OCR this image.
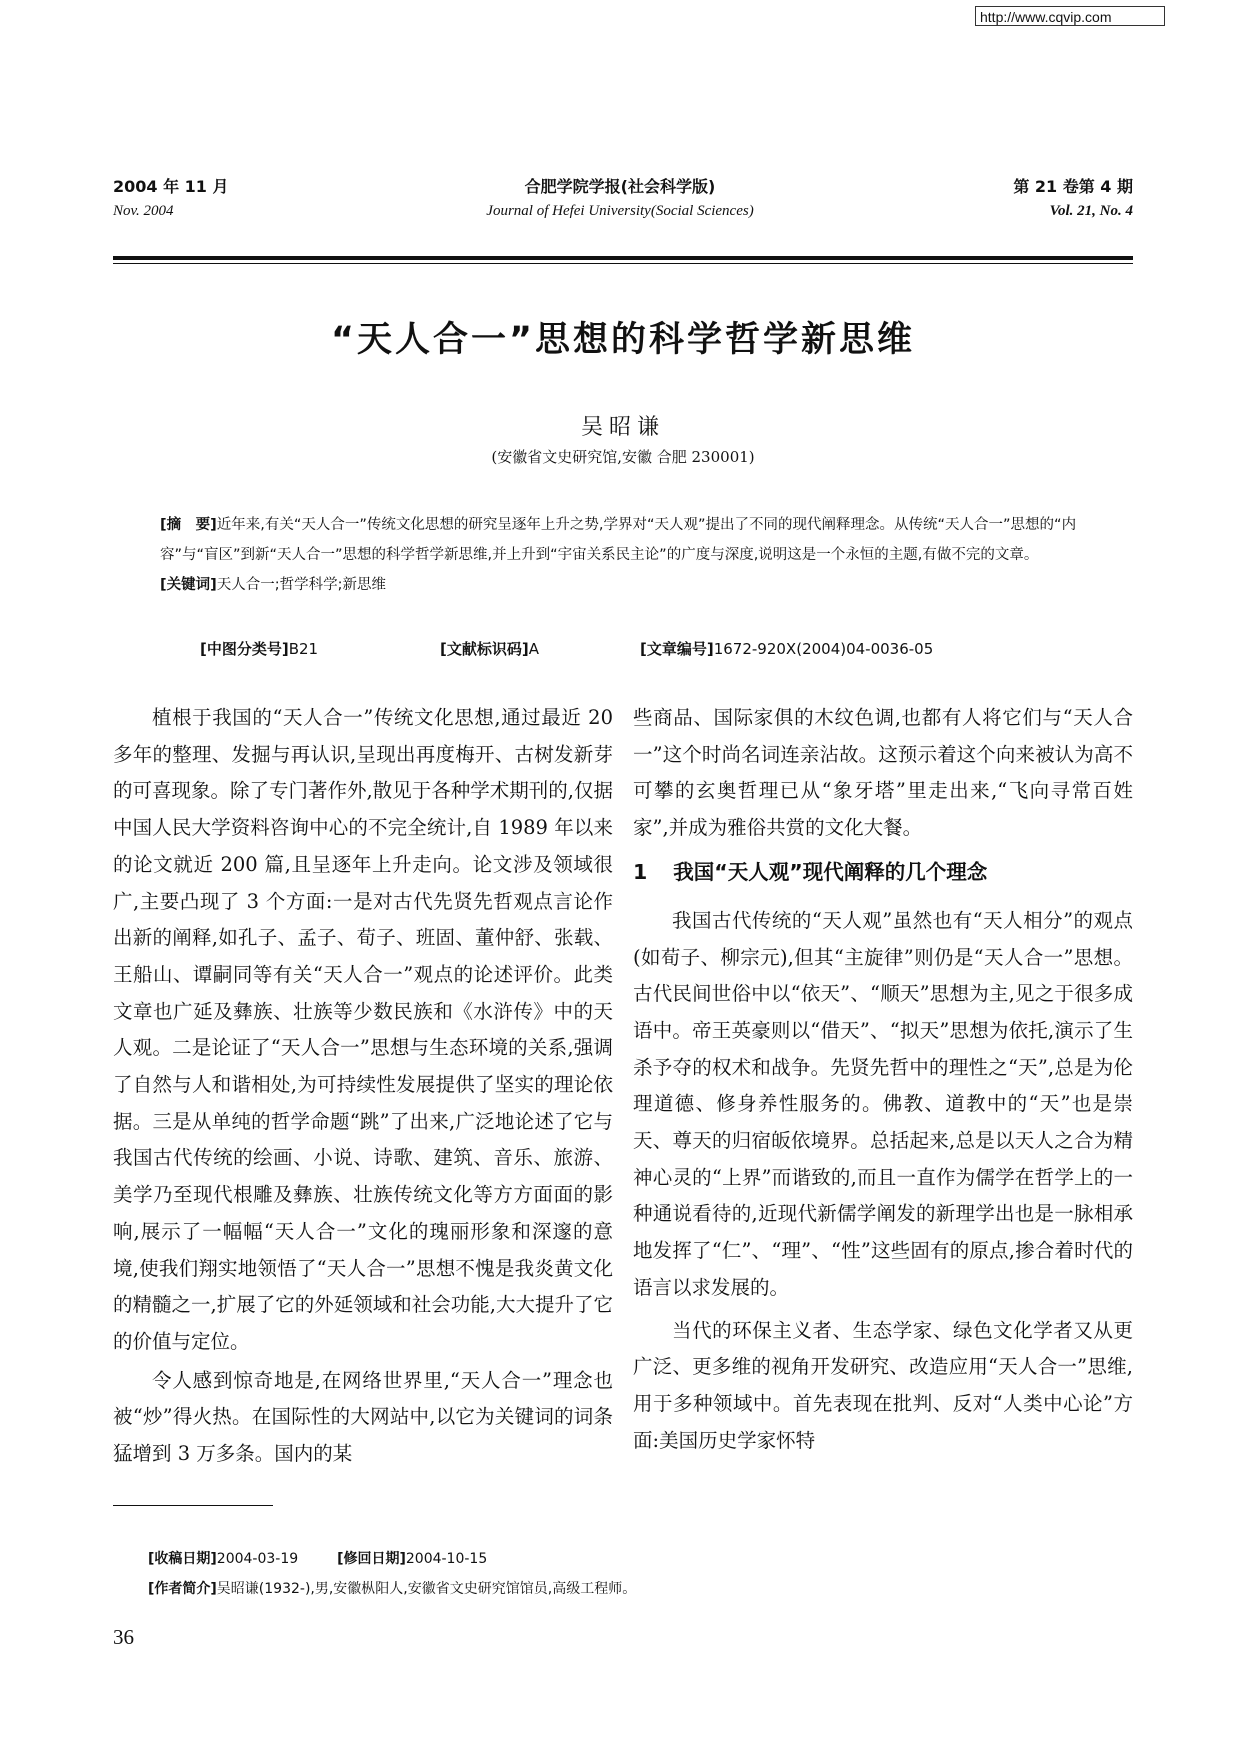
http://www.cqvip.com
2004 年 11 月
Nov. 2004
合肥学院学报(社会科学版)
Journal of Hefei University(Social Sciences)
第 21 卷第 4 期
Vol. 21, No. 4
“天人合一”思想的科学哲学新思维
吴昭谦
(安徽省文史研究馆,安徽 合肥 230001)
[摘　要]近年来,有关“天人合一”传统文化思想的研究呈逐年上升之势,学界对“天人观”提出了不同的现代阐释理念。从传统“天人合一”思想的“内容”与“盲区”到新“天人合一”思想的科学哲学新思维,并上升到“宇宙关系民主论”的广度与深度,说明这是一个永恒的主题,有做不完的文章。
[关键词]天人合一;哲学科学;新思维
[中图分类号]B21	[文献标识码]A	[文章编号]1672-920X(2004)04-0036-05

植根于我国的“天人合一”传统文化思想,通过最近 20 多年的整理、发掘与再认识,呈现出再度梅开、古树发新芽的可喜现象。除了专门著作外,散见于各种学术期刊的,仅据中国人民大学资料咨询中心的不完全统计,自 1989 年以来的论文就近 200 篇,且呈逐年上升走向。论文涉及领域很广,主要凸现了 3 个方面:一是对古代先贤先哲观点言论作出新的阐释,如孔子、孟子、荀子、班固、董仲舒、张载、王船山、谭嗣同等有关“天人合一”观点的论述评价。此类文章也广延及彝族、壮族等少数民族和《水浒传》中的天人观。二是论证了“天人合一”思想与生态环境的关系,强调了自然与人和谐相处,为可持续性发展提供了坚实的理论依据。三是从单纯的哲学命题“跳”了出来,广泛地论述了它与我国古代传统的绘画、小说、诗歌、建筑、音乐、旅游、美学乃至现代根雕及彝族、壮族传统文化等方方面面的影响,展示了一幅幅“天人合一”文化的瑰丽形象和深邃的意境,使我们翔实地领悟了“天人合一”思想不愧是我炎黄文化的精髓之一,扩展了它的外延领域和社会功能,大大提升了它的价值与定位。

令人感到惊奇地是,在网络世界里,“天人合一”理念也被“炒”得火热。在国际性的大网站中,以它为关键词的词条猛增到 3 万多条。国内的某

些商品、国际家俱的木纹色调,也都有人将它们与“天人合一”这个时尚名词连亲沾故。这预示着这个向来被认为高不可攀的玄奥哲理已从“象牙塔”里走出来,“飞向寻常百姓家”,并成为雅俗共赏的文化大餐。

1 我国“天人观”现代阐释的几个理念

我国古代传统的“天人观”虽然也有“天人相分”的观点(如荀子、柳宗元),但其“主旋律”则仍是“天人合一”思想。古代民间世俗中以“依天”、“顺天”思想为主,见之于很多成语中。帝王英豪则以“借天”、“拟天”思想为依托,演示了生杀予夺的权术和战争。先贤先哲中的理性之“天”,总是为伦理道德、修身养性服务的。佛教、道教中的“天”也是崇天、尊天的归宿皈依境界。总括起来,总是以天人之合为精神心灵的“上界”而谐致的,而且一直作为儒学在哲学上的一种通说看待的,近现代新儒学阐发的新理学出也是一脉相承地发挥了“仁”、“理”、“性”这些固有的原点,掺合着时代的语言以求发展的。

当代的环保主义者、生态学家、绿色文化学者又从更广泛、更多维的视角开发研究、改造应用“天人合一”思维,用于多种领域中。首先表现在批判、反对“人类中心论”方面:美国历史学家怀特

[收稿日期]2004-03-19	[修回日期]2004-10-15
[作者简介]吴昭谦(1932-),男,安徽枞阳人,安徽省文史研究馆馆员,高级工程师。
36
